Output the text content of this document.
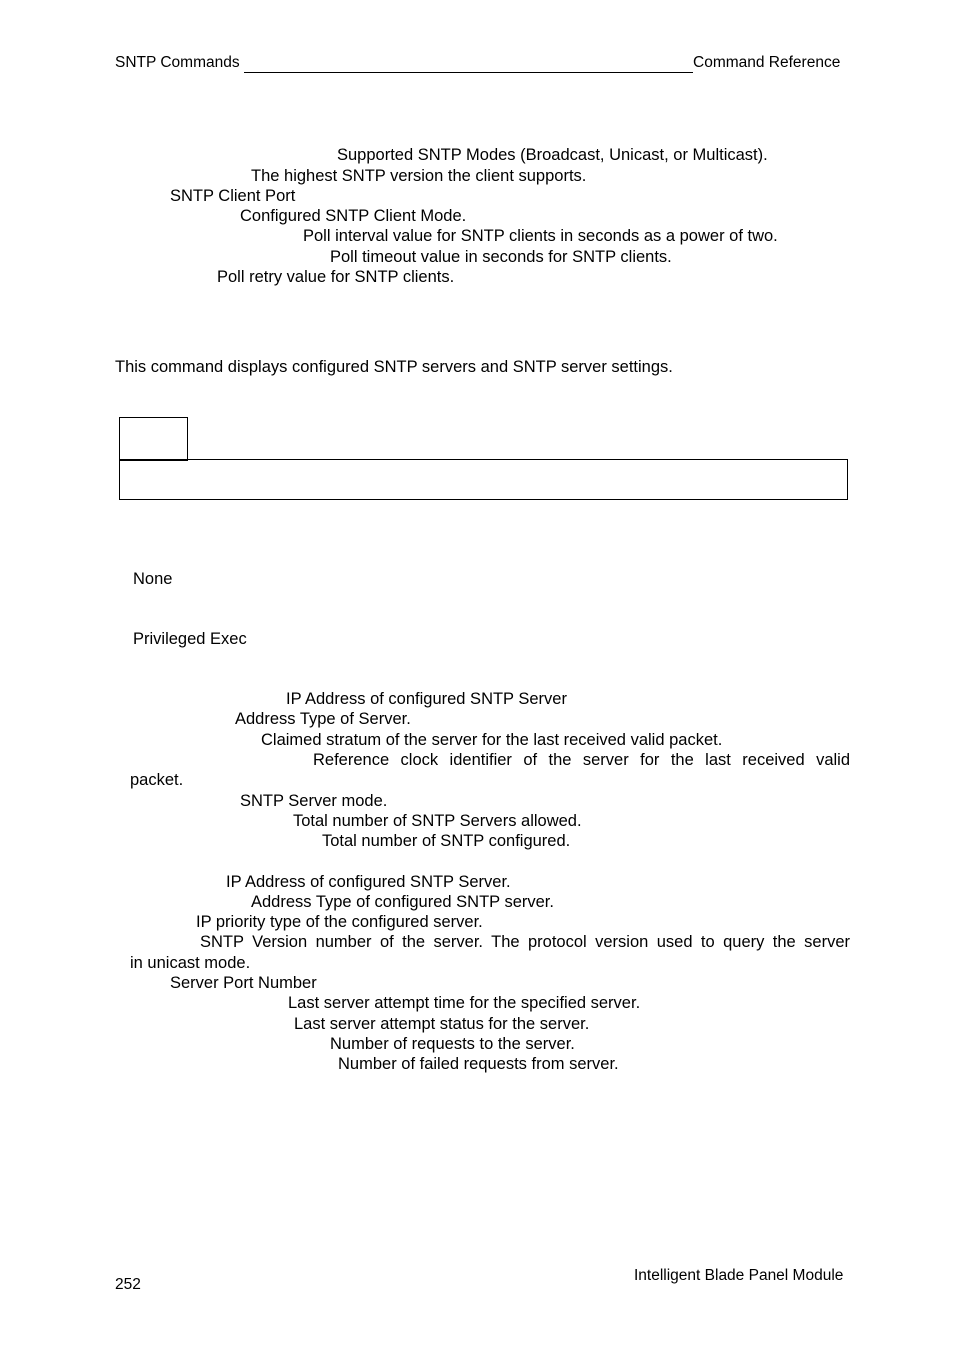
SNTP Commands	Command Reference
Supported SNTP Modes (Broadcast, Unicast, or Multicast).
The highest SNTP version the client supports.
SNTP Client Port
Configured SNTP Client Mode.
Poll interval value for SNTP clients in seconds as a power of two.
Poll timeout value in seconds for SNTP clients.
Poll retry value for SNTP clients.
This command displays configured SNTP servers and SNTP server settings.
None
Privileged Exec
IP Address of configured SNTP Server
Address Type of Server.
Claimed stratum of the server for the last received valid packet.
Reference clock identifier of the server for the last received valid
packet.
SNTP Server mode.
Total number of SNTP Servers allowed.
Total number of SNTP configured.
IP Address of configured SNTP Server.
Address Type of configured SNTP server.
IP priority type of the configured server.
SNTP Version number of the server. The protocol version used to query the server
in unicast mode.
Server Port Number
Last server attempt time for the specified server.
Last server attempt status for the server.
Number of requests to the server.
Number of failed requests from server.
252
Intelligent Blade Panel Module
